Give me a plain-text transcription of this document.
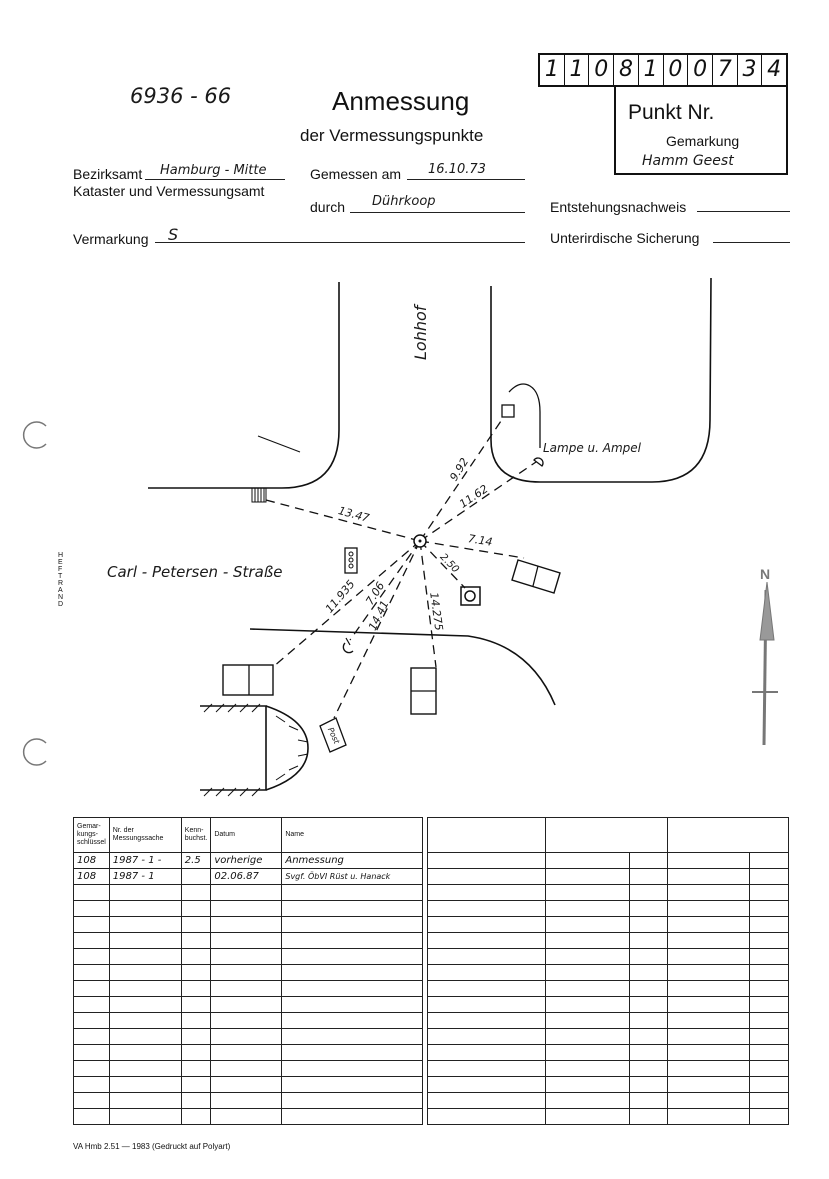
6936 - 66	Anmessung
der Vermessungspunkte
1 1 0 8 1 0 0 7 3 4
Punkt Nr.
Gemarkung
Hamm Geest
Bezirksamt Hamburg - Mitte
Kataster und Vermessungsamt
Gemessen am 16.10.73
durch Dührkoop	Entstehungsnachweis
Vermarkung S	Unterirdische Sicherung
HEFTRAND
Lohhof
Carl - Petersen - Straße
Lampe u. Ampel
N
Post
13.47
9.92
11.62
7.14
2.50
11.935 7.06
14.41	14.275
Gemar-kungs-schlüssel	Nr. der Messungssache	Kenn-buchst.	Datum	Name
108	1987 - 1 -	2.5	vorherige	Anmessung
108	1987 - 1		02.06.87	Svgf. ÖbVI Rüst u. Hanack

VA Hmb 2.51 — 1983 (Gedruckt auf Polyart)
